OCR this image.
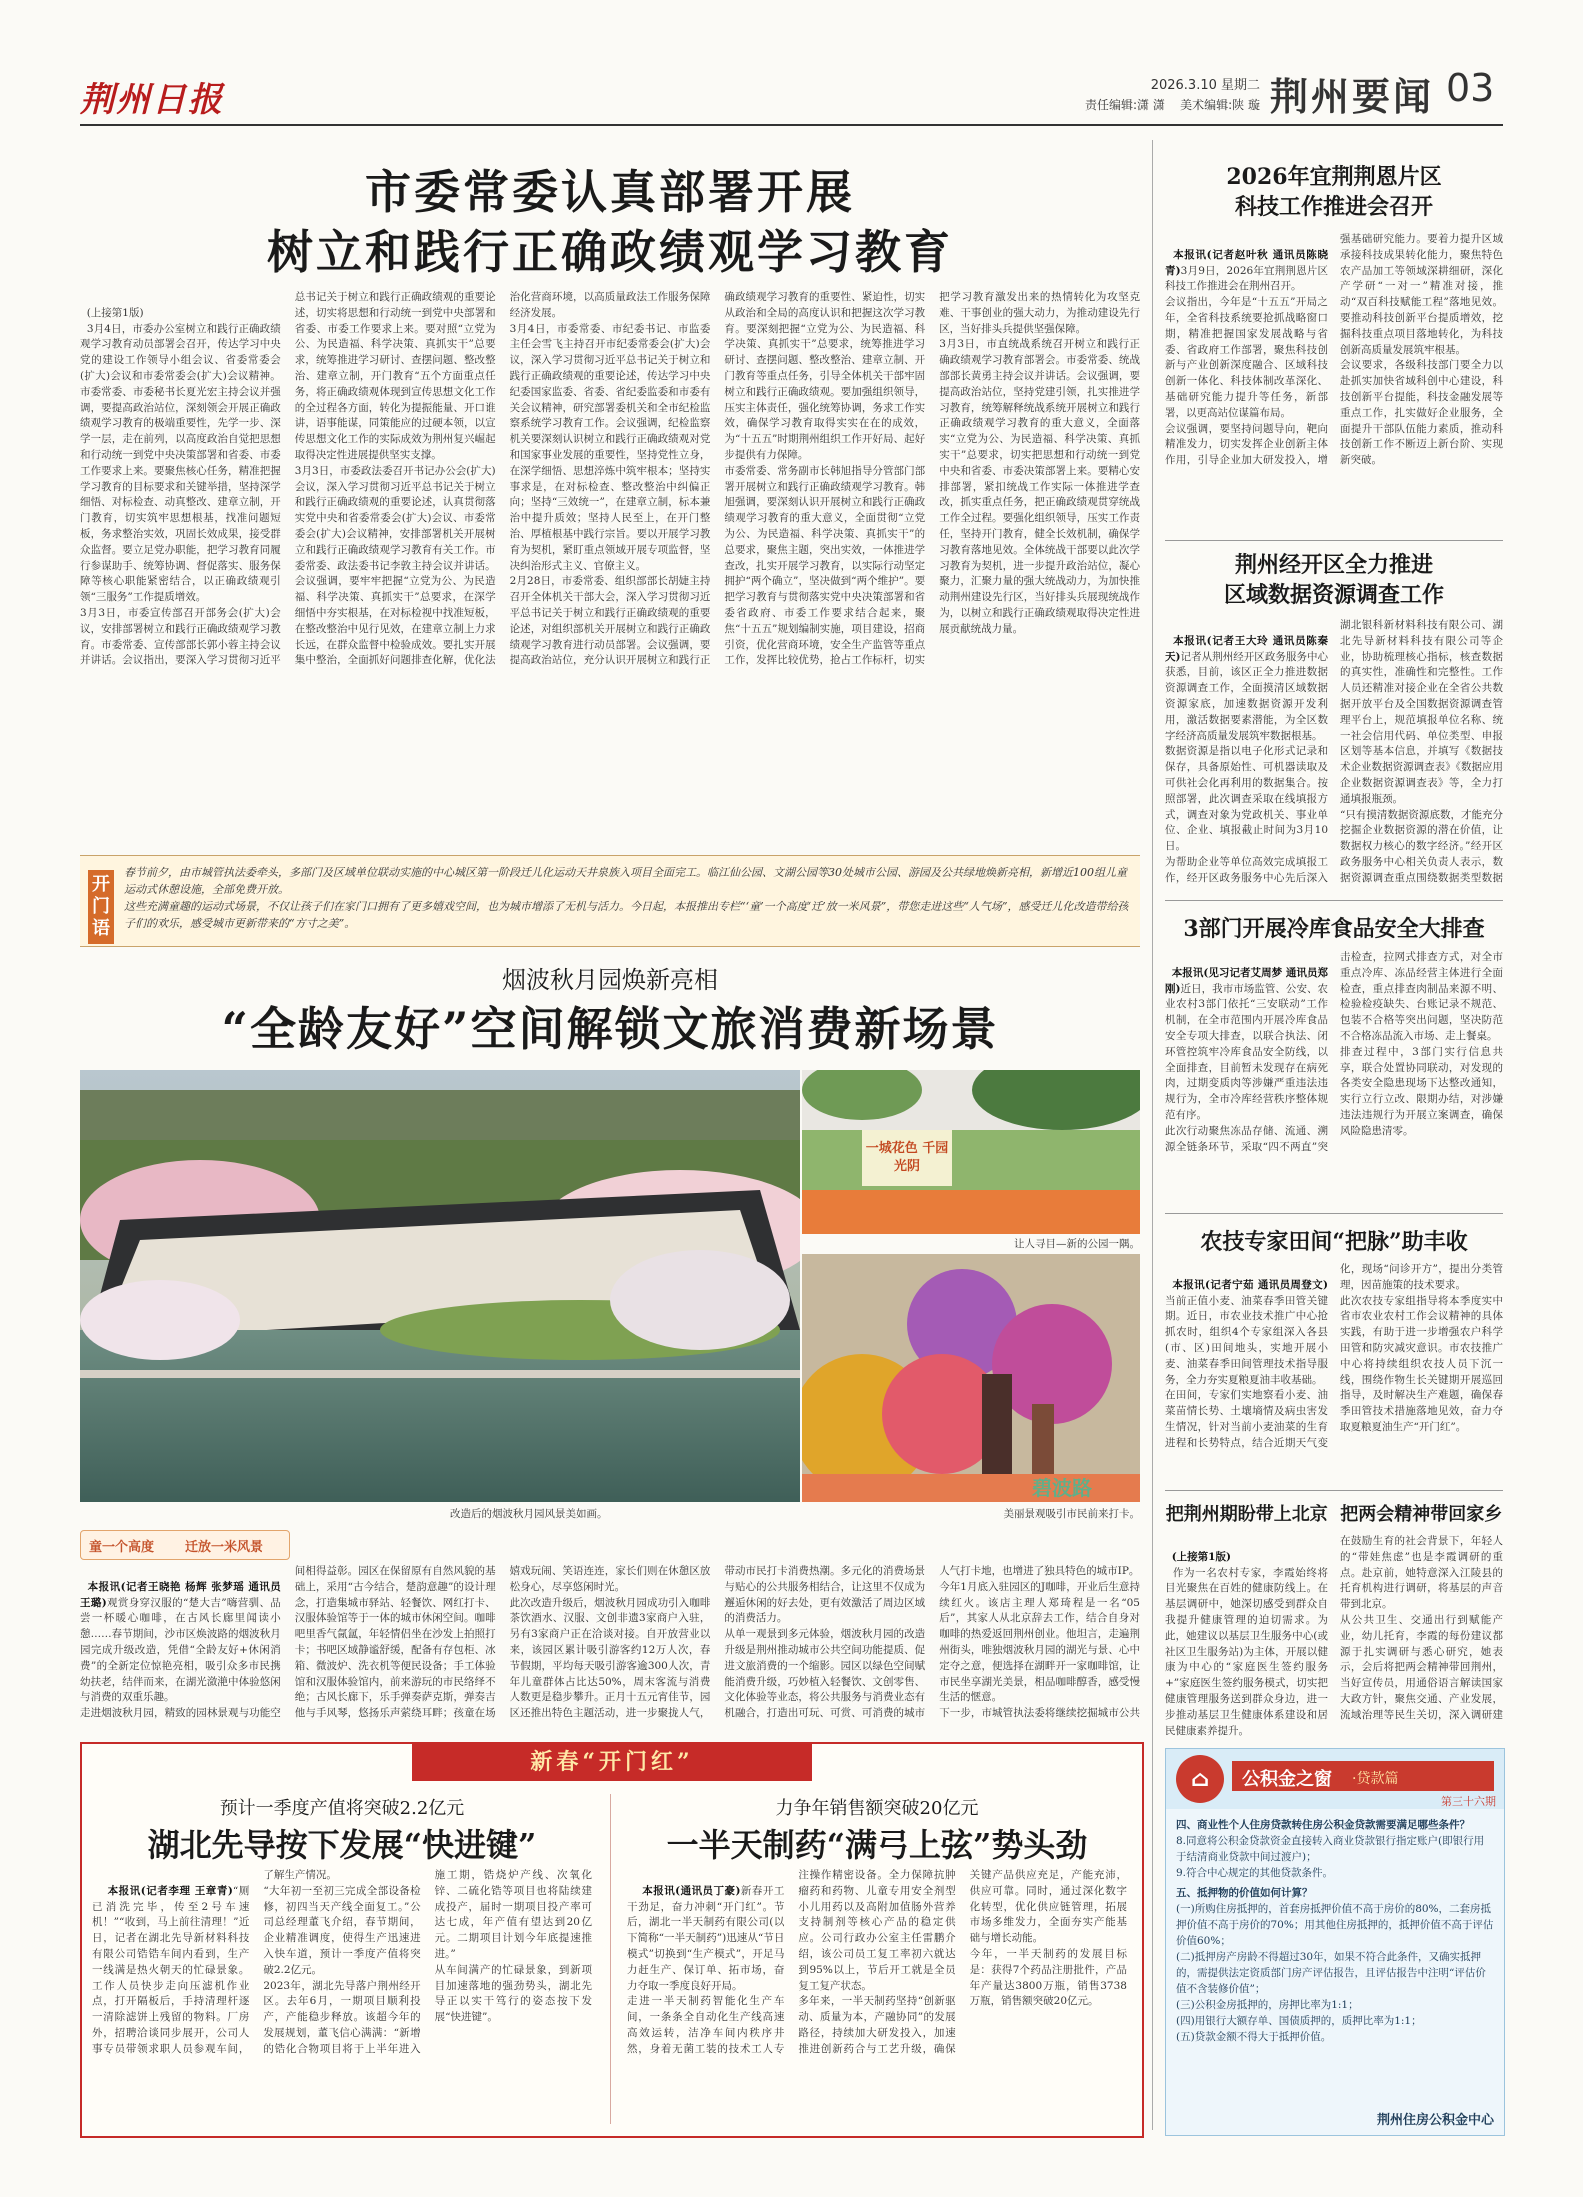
荆州日报	2026.3.10 星期二
责任编辑:潇 潇    美术编辑:陕 璇 荆州要闻 03
市委常委认真部署开展
树立和践行正确政绩观学习教育

(上接第1版)
3月4日，市委办公室树立和践行正确政绩观学习教育动员部署会召开，传达学习中央党的建设工作领导小组会议、省委常委会(扩大)会议和市委常委会(扩大)会议精神。市委常委、市委秘书长夏光宏主持会议并强调，要提高政治站位，深刻领会开展正确政绩观学习教育的极端重要性，先学一步、深学一层，走在前列，以高度政治自觉把思想和行动统一到党中央决策部署和省委、市委工作要求上来。要聚焦核心任务，精准把握学习教育的目标要求和关键举措，坚持深学细悟、对标检查、动真整改、建章立制，开门教育，切实筑牢思想根基，找准问题短板，务求整治实效，巩固长效成果，接受群众监督。要立足党办职能，把学习教育同履行参谋助手、统筹协调、督促落实、服务保障等核心职能紧密结合，以正确政绩观引领“三服务”工作提质增效。
3月3日，市委宣传部召开部务会(扩大)会议，安排部署树立和践行正确政绩观学习教育。市委常委、宣传部部长郭小蓉主持会议并讲话。会议指出，要深入学习贯彻习近平总书记关于树立和践行正确政绩观的重要论述，切实将思想和行动统一到党中央部署和省委、市委工作要求上来。要对照“立党为公、为民造福、科学决策、真抓实干”总要求，统筹推进学习研讨、查摆问题、整改整治、建章立制，开门教育“五个方面重点任务，将正确政绩观体现到宣传思想文化工作的全过程各方面，转化为提振能量、开口谁讲，语事能谋，同策能应的过硬本领，以宣传思想文化工作的实际成效为荆州复兴崛起取得决定性进展提供坚实支撑。
3月3日，市委政法委召开书记办公会(扩大)会议，深入学习贯彻习近平总书记关于树立和践行正确政绩观的重要论述，认真贯彻落实党中央和省委常委会(扩大)会议、市委常委会(扩大)会议精神，安排部署机关开展树立和践行正确政绩观学习教育有关工作。市委常委、政法委书记李敦主持会议并讲话。会议强调，要牢牢把握“立党为公、为民造福、科学决策、真抓实干”总要求，在深学细悟中夯实根基，在对标检视中找准短板，在整改整治中见行见效，在建章立制上力求长远，在群众监督中检验成效。要扎实开展集中整治，全面抓好问题排查化解，优化法治化营商环境，以高质量政法工作服务保障经济发展。
3月4日，市委常委、市纪委书记、市监委主任会雪飞主持召开市纪委常委会(扩大)会议，深入学习贯彻习近平总书记关于树立和践行正确政绩观的重要论述，传达学习中央纪委国家监委、省委、省纪委监委和市委有关会议精神，研究部署委机关和全市纪检监察系统学习教育工作。会议强调，纪检监察机关要深刻认识树立和践行正确政绩观对党和国家事业发展的重要性，坚持党性立身，在深学细悟、思想淬炼中筑牢根本；坚持实事求是，在对标检查、整改整治中纠偏正向；坚持“三效统一”，在建章立制，标本兼治中提升质效；坚持人民至上，在开门整治、厚植根基中践行宗旨。要以开展学习教育为契机，紧盯重点领域开展专项监督，坚决纠治形式主义、官僚主义。
2月28日，市委常委、组织部部长胡婕主持召开全体机关干部大会，深入学习贯彻习近平总书记关于树立和践行正确政绩观的重要论述，对组织部机关开展树立和践行正确政绩观学习教育进行动员部署。会议强调，要提高政治站位，充分认识开展树立和践行正确政绩观学习教育的重要性、紧迫性，切实从政治和全局的高度认识和把握这次学习教育。要深刻把握“立党为公、为民造福、科学决策、真抓实干”总要求，统筹推进学习研讨、查摆问题、整改整治、建章立制、开门教育等重点任务，引导全体机关干部牢固树立和践行正确政绩观。要加强组织领导，压实主体责任，强化统筹协调，务求工作实效，确保学习教育取得实实在在的成效，为“十五五”时期荆州组织工作开好局、起好步提供有力保障。
市委常委、常务副市长韩旭指导分管部门部署开展树立和践行正确政绩观学习教育。韩旭强调，要深刻认识开展树立和践行正确政绩观学习教育的重大意义，全面贯彻“立党为公、为民造福、科学决策、真抓实干”的总要求，聚焦主题，突出实效，一体推进学查改，扎实开展学习教育，以实际行动坚定拥护“两个确立”，坚决做到“两个维护”。要把学习教育与贯彻落实党中央决策部署和省委省政府、市委工作要求结合起来，聚焦“十五五”规划编制实施，项目建设，招商引资，优化营商环境，安全生产监管等重点工作，发挥比较优势，抢占工作标杆，切实把学习教育激发出来的热情转化为攻坚克难、干事创业的强大动力，为推动建设先行区，当好排头兵提供坚强保障。
3月3日，市直统战系统召开树立和践行正确政绩观学习教育部署会。市委常委、统战部部长黄勇主持会议并讲话。会议强调，要提高政治站位，坚持党建引领，扎实推进学习教育，统筹解释统战系统开展树立和践行正确政绩观学习教育的重大意义，全面落实“立党为公、为民造福、科学决策、真抓实干”总要求，切实把思想和行动统一到党中央和省委、市委决策部署上来。要精心安排部署，紧扣统战工作实际一体推进学查改，抓实重点任务，把正确政绩观贯穿统战工作全过程。要强化组织领导，压实工作责任，坚持开门教育，健全长效机制，确保学习教育落地见效。全体统战干部要以此次学习教育为契机，进一步提升政治站位，凝心聚力，汇聚力量的强大统战动力，为加快推动荆州建设先行区，当好排头兵展现统战作为，以树立和践行正确政绩观取得决定性进展贡献统战力量。

开门语
春节前夕，由市城管执法委牵头，多部门及区域单位联动实施的中心城区第一阶段迁儿化运动天井泉族入项目全面完工。临江仙公园、文湖公园等30处城市公园、游园及公共绿地焕新亮相，新增近100组儿童运动式休憩设施，全部免费开放。
这些充满童趣的运动式场景，不仅让孩子们在家门口拥有了更多嬉戏空间，也为城市增添了无机与活力。今日起，本报推出专栏“‘童’一个高度‘迁’放一米风景”，带您走进这些“人气场”，感受迁儿化改造带给孩子们的欢乐，感受城市更新带来的“方寸之美”。
烟波秋月园焕新亮相
“全龄友好”空间解锁文旅消费新场景
一城花色 千园光阴
让人寻目—新的公园一隅。
碧波路
改造后的烟波秋月园风景美如画。	美丽景观吸引市民前来打卡。
童一个高度 迁放一米风景

本报讯(记者王晓艳 杨辉 张梦瑶 通讯员王璐)观赏身穿汉服的“楚大吉”嗨营驯、品尝一杯暖心咖啡，在古风长廊里闻读小憩……春节期间，沙市区焕波路的烟波秋月园完成升级改造，凭借“全龄友好+休闲消费”的全新定位惊艳亮相，吸引众多市民携幼扶老，结伴而来，在湖光潋滟中体验悠闲与消费的双重乐趣。
走进烟波秋月园，精致的园林景观与功能空间相得益彰。园区在保留原有自然风貌的基础上，采用“古今结合，楚韵意趣”的设计理念，打造集城市驿站、轻餐饮、网红打卡、汉服体验馆等于一体的城市休闲空间。咖啡吧里香气氤氲，年轻情侣坐在沙发上拍照打卡；书吧区域静谧舒缓，配备有存包柜、冰箱、微波炉、洗衣机等便民设备；手工体验馆和汉服体验馆内，前来游玩的市民络绎不绝；古风长廊下，乐手弹奏萨克斯，弹奏吉他与手风琴，悠扬乐声萦绕耳畔；孩童在场嬉戏玩闹、笑语连连，家长们则在休憩区放松身心，尽享悠闲时光。
此次改造升级后，烟波秋月园成功引入咖啡茶饮酒水、汉服、文创非遗3家商户入驻，另有3家商户正在洽谈对接。自开放营业以来，该园区累计吸引游客约12万人次，春节假期，平均每天吸引游客逾300人次，青年儿童群体占比达50%，周末客流与消费人数更是稳步攀升。正月十五元宵佳节，园区还推出特色主题活动，进一步聚拢人气，带动市民打卡消费热潮。多元化的消费场景与贴心的公共服务相结合，让这里不仅成为邂逅休闲的好去处，更有效激活了周边区域的消费活力。
从单一观景到多元体验，烟波秋月园的改造升级是荆州推动城市公共空间功能提质、促进文旅消费的一个缩影。园区以绿色空间赋能消费升级，巧妙植入轻餐饮、文创零售、文化体验等业态，将公共服务与消费业态有机融合，打造出可玩、可赏、可消费的城市人气打卡地，也增进了独具特色的城市IP。
今年1月底入驻园区的J咖啡，开业后生意持续红火。该店主理人郑琦程是一名“05后”，其家人从北京辞去工作，结合自身对咖啡的热爱返回荆州创业。他坦言，走遍荆州街头，唯独烟波秋月园的湖光与景、心中定夺之意，便选择在湖畔开一家咖啡馆，让市民坐享湖光美景，相品咖啡醇香，感受慢生活的惬意。
下一步，市城管执法委将继续挖掘城市公共

新春“开门红”
预计一季度产值将突破2.2亿元
湖北先导按下发展“快进键”

本报讯(记者李理 王章青)“厕已消洗完毕，传至2号车速机！”“收到，马上前往清理！”近日，记者在湖北先导新材料科技有限公司锆锆车间内看到，生产一线满是热火朝天的忙碌景象。工作人员快步走向压滤机作业点，打开隔板后，手持清理杆逐一清除滤饼上残留的物料。厂房外，招聘洽谈同步展开，公司人事专员带领求职人员参观车间，了解生产情况。
“大年初一至初三完成全部设备检修，初四当天产线全面复工。”公司总经理董飞介绍，春节期间，企业精准调度，使得生产迅速进入快车道，预计一季度产值将突破2.2亿元。
2023年，湖北先导落户荆州经开区。去年6月，一期项目顺利投产，产能稳步释放。该超今年的发展规划，董飞信心满满：“新增的锆化合物项目将于上半年进入施工期，锆烧炉产线、次氧化锌、二硫化锆等项目也将陆续建成投产，届时一期项目投产率可达七成，年产值有望达到20亿元。二期项目计划今年底提速推进。”
从车间满产的忙碌景象，到新项目加速落地的强劲势头，湖北先导正以实干笃行的姿态按下发展“快进键”。

力争年销售额突破20亿元
一半天制药“满弓上弦”势头劲

本报讯(通讯员丁豪)新春开工干劲足，奋力冲刺“开门红”。节后，湖北一半天制药有限公司(以下简称“一半天制药”)迅速从“节日模式”切换到“生产模式”，开足马力赶生产、保订单、拓市场，奋力夺取一季度良好开局。
走进一半天制药智能化生产车间，一条条全自动化生产线高速高效运转，洁净车间内秩序井然，身着无菌工装的技术工人专注操作精密设备。全力保障抗肿瘤药和药物、儿童专用安全剂型小儿用药以及高附加值肠外营养支持制剂等核心产品的稳定供应。公司行政办公室主任雷鹏介绍，该公司员工复工率初六就达到95%以上，节后开工就是全员复工复产状态。
多年来，一半天制药坚持“创新驱动、质量为本，产融协同”的发展路径，持续加大研发投入，加速推进创新药合与工艺升级，确保关键产品供应充足，产能充沛，供应可靠。同时，通过深化数字化转型，优化供应链管理，拓展市场多维发力，全面夯实产能基础与增长动能。
今年，一半天制药的发展目标是：获得7个药品注册批件，产品年产量达3800万瓶，销售3738万瓶，销售额突破20亿元。

2026年宜荆荆恩片区
科技工作推进会召开

本报讯(记者赵叶秋 通讯员陈晓青)3月9日，2026年宜荆荆恩片区科技工作推进会在荆州召开。
会议指出，今年是“十五五”开局之年，全省科技系统要抢抓战略窗口期，精准把握国家发展战略与省委、省政府工作部署，聚焦科技创新与产业创新深度融合、区域科技创新一体化、科技体制改革深化、基础研究能力提升等任务，新部署，以更高站位谋篇布局。
会议强调，要坚持问题导向，靶向精准发力，切实发挥企业创新主体作用，引导企业加大研发投入，增强基础研究能力。要着力提升区域承接科技成果转化能力，聚焦特色农产品加工等领域深耕细研，深化产学研“一对一”精准对接，推动“双百科技赋能工程”落地见效。要推动科技创新平台提质增效，挖掘科技重点项目落地转化，为科技创新高质量发展筑牢根基。
会议要求，各级科技部门要全力以赴抓实加快省域科创中心建设，科技创新平台提能，科技金融发展等重点工作，扎实做好企业服务，全面提升干部队伍能力素质，推动科技创新工作不断迈上新台阶、实现新突破。

荆州经开区全力推进
区域数据资源调查工作

本报讯(记者王大玲 通讯员陈秦天)记者从荆州经开区政务服务中心获悉，目前，该区正全力推进数据资源调查工作，全面摸清区域数据资源家底，加速数据资源开发利用，激活数据要素潜能，为全区数字经济高质量发展筑牢数据根基。
数据资源是指以电子化形式记录和保存，具备原始性、可机器读取及可供社会化再利用的数据集合。按照部署，此次调查采取在线填报方式，调查对象为党政机关、事业单位、企业、填报截止时间为3月10日。
为帮助企业等单位高效完成填报工作，经开区政务服务中心先后深入湖北银科新材料科技有限公司、湖北先导新材料科技有限公司等企业，协助梳理核心指标，核查数据的真实性，准确性和完整性。工作人员还精准对接企业在全省公共数据开放平台及全国数据资源调查管理平台上，规范填报单位名称、统一社会信用代码、单位类型、申报区划等基本信息，并填写《数据技术企业数据资源调查表》《数据应用企业数据资源调查表》等，全力打通填报瓶颈。
“只有摸清数据资源底数，才能充分挖掘企业数据资源的潜在价值，让数据权力核心的数字经济。”经开区政务服务中心相关负责人表示，数据资源调查重点围绕数据类型数据

3部门开展冷库食品安全大排查

本报讯(见习记者艾周梦 通讯员郑刚)近日，我市市场监管、公安、农业农村3部门依托“三安联动”工作机制，在全市范围内开展冷库食品安全专项大排查，以联合执法、闭环管控筑牢冷库食品安全防线，以全面排查，目前暂未发现存在病死肉，过期变质肉等涉嫌严重违法违规行为，全市冷库经营秩序整体规范有序。
此次行动聚焦冻品存储、流通、溯源全链条环节，采取“四不两直”突击检查，拉网式排查方式，对全市重点冷库、冻品经营主体进行全面检查，重点排查肉制品来源不明、检验检疫缺失、台账记录不规范、包装不合格等突出问题，坚决防范不合格冻品流入市场、走上餐桌。
排查过程中，3部门实行信息共享，联合处置协同联动，对发现的各类安全隐患现场下达整改通知，实行立行立改、限期办结，对涉嫌违法违规行为开展立案调查，确保风险隐患清零。

农技专家田间“把脉”助丰收

本报讯(记者宁茹 通讯员周登文)当前正值小麦、油菜春季田管关键期。近日，市农业技术推广中心抢抓农时，组织4个专家组深入各县(市、区)田间地头，实地开展小麦、油菜春季田间管理技术指导服务，全力夯实夏粮夏油丰收基础。
在田间，专家们实地察看小麦、油菜苗情长势、土壤墒情及病虫害发生情况，针对当前小麦油菜的生育进程和长势特点，结合近期天气变化，现场“问诊开方”，提出分类管理，因苗施策的技术要求。
此次农技专家组指导将本季度实中省市农业农村工作会议精神的具体实践，有助于进一步增强农户科学田管和防灾减灾意识。市农技推广中心将持续组织农技人员下沉一线，围绕作物生长关键期开展巡回指导，及时解决生产难题，确保春季田管技术措施落地见效，奋力夺取夏粮夏油生产“开门红”。

把荆州期盼带上北京  把两会精神带回家乡

(上接第1版)
作为一名农村专家，李霞始终将目光聚焦在百姓的健康防线上。在基层调研中，她深切感受到群众自我提升健康管理的迫切需求。为此，她建议以基层卫生服务中心(或社区卫生服务站)为主体，开展以健康为中心的“家庭医生签约服务+”家庭医生签约服务模式，切实把健康管理服务送到群众身边，进一步推动基层卫生健康体系建设和居民健康素养提升。
在鼓励生育的社会背景下，年轻人的“带娃焦虑”也是李霞调研的重点。赴京前，她特意深入江陵县的托育机构进行调研，将基层的声音带到北京。
从公共卫生、交通出行到赋能产业，幼儿托育，李霞的每份建议都源于扎实调研与悉心研究，她表示，会后将把两会精神带回荆州，当好宣传员，用通俗语言解读国家大政方针，聚焦交通、产业发展，流域治理等民生关切，深入调研建

⌂	公积金之窗 ·贷款篇
第三十六期
四、商业性个人住房贷款转住房公积金贷款需要满足哪些条件？
8.同意将公积金贷款资金直接转入商业贷款银行指定账户(即银行用于结清商业贷款中间过渡户)；
9.符合中心规定的其他贷款条件。
五、抵押物的价值如何计算？
(一)所购住房抵押的，首套房抵押价值不高于房价的80%，二套房抵押价值不高于房价的70%；用其他住房抵押的，抵押价值不高于评估价值60%；
(二)抵押房产房龄不得超过30年，如果不符合此条件，又确实抵押的，需提供法定资质部门房产评估报告，且评估报告中注明“评估价值不含装修价值”；
(三)公积金房抵押的，房押比率为1:1；
(四)用银行大额存单、国债质押的，质押比率为1:1；
(五)贷款金额不得大于抵押价值。
荆州住房公积金中心
